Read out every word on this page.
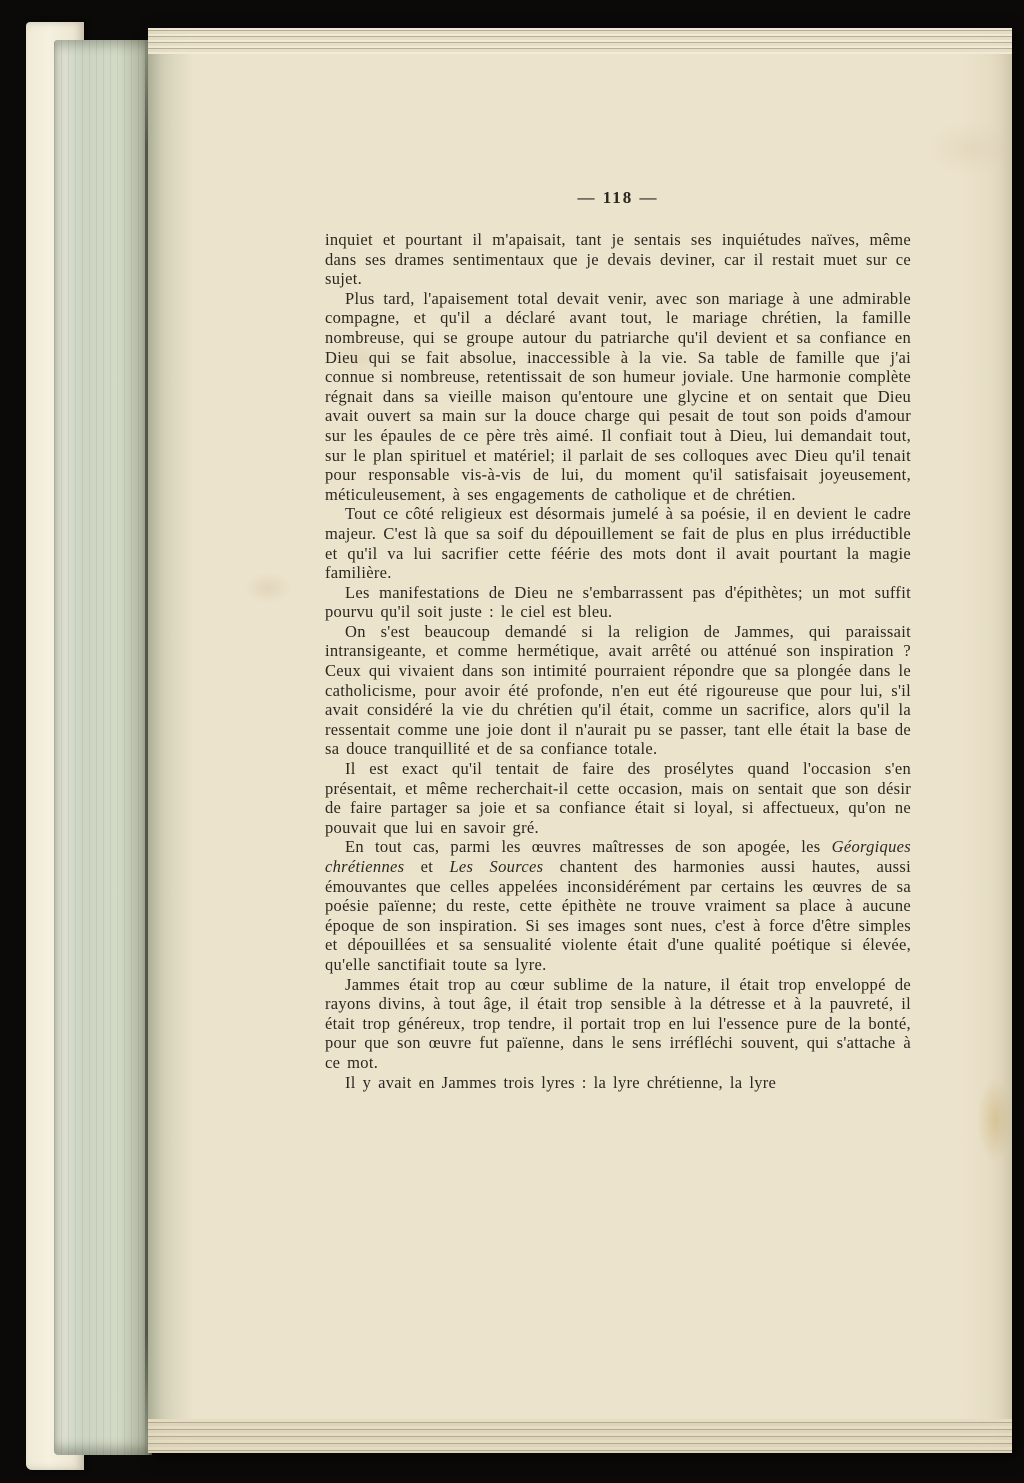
— 118 —

inquiet et pourtant il m'apaisait, tant je sentais ses inquiétudes naïves, même dans ses drames sentimentaux que je devais deviner, car il restait muet sur ce sujet.

Plus tard, l'apaisement total devait venir, avec son mariage à une admirable compagne, et qu'il a déclaré avant tout, le mariage chrétien, la famille nombreuse, qui se groupe autour du patriarche qu'il devient et sa confiance en Dieu qui se fait absolue, inaccessible à la vie. Sa table de famille que j'ai connue si nombreuse, retentissait de son humeur joviale. Une harmonie complète régnait dans sa vieille maison qu'entoure une glycine et on sentait que Dieu avait ouvert sa main sur la douce charge qui pesait de tout son poids d'amour sur les épaules de ce père très aimé. Il confiait tout à Dieu, lui demandait tout, sur le plan spirituel et matériel; il parlait de ses colloques avec Dieu qu'il tenait pour responsable vis-à-vis de lui, du moment qu'il satisfaisait joyeusement, méticuleusement, à ses engagements de catholique et de chrétien.

Tout ce côté religieux est désormais jumelé à sa poésie, il en devient le cadre majeur. C'est là que sa soif du dépouillement se fait de plus en plus irréductible et qu'il va lui sacrifier cette féérie des mots dont il avait pourtant la magie familière.

Les manifestations de Dieu ne s'embarrassent pas d'épithètes; un mot suffit pourvu qu'il soit juste : le ciel est bleu.

On s'est beaucoup demandé si la religion de Jammes, qui paraissait intransigeante, et comme hermétique, avait arrêté ou atténué son inspiration ? Ceux qui vivaient dans son intimité pourraient répondre que sa plongée dans le catholicisme, pour avoir été profonde, n'en eut été rigoureuse que pour lui, s'il avait considéré la vie du chrétien qu'il était, comme un sacrifice, alors qu'il la ressentait comme une joie dont il n'aurait pu se passer, tant elle était la base de sa douce tranquillité et de sa confiance totale.

Il est exact qu'il tentait de faire des prosélytes quand l'occasion s'en présentait, et même recherchait-il cette occasion, mais on sentait que son désir de faire partager sa joie et sa confiance était si loyal, si affectueux, qu'on ne pouvait que lui en savoir gré.

En tout cas, parmi les œuvres maîtresses de son apogée, les Géorgiques chrétiennes et Les Sources chantent des harmonies aussi hautes, aussi émouvantes que celles appelées inconsidérément par certains les œuvres de sa poésie païenne; du reste, cette épithète ne trouve vraiment sa place à aucune époque de son inspiration. Si ses images sont nues, c'est à force d'être simples et dépouillées et sa sensualité violente était d'une qualité poétique si élevée, qu'elle sanctifiait toute sa lyre.

Jammes était trop au cœur sublime de la nature, il était trop enveloppé de rayons divins, à tout âge, il était trop sensible à la détresse et à la pauvreté, il était trop généreux, trop tendre, il portait trop en lui l'essence pure de la bonté, pour que son œuvre fut païenne, dans le sens irréfléchi souvent, qui s'attache à ce mot.

Il y avait en Jammes trois lyres : la lyre chrétienne, la lyre
